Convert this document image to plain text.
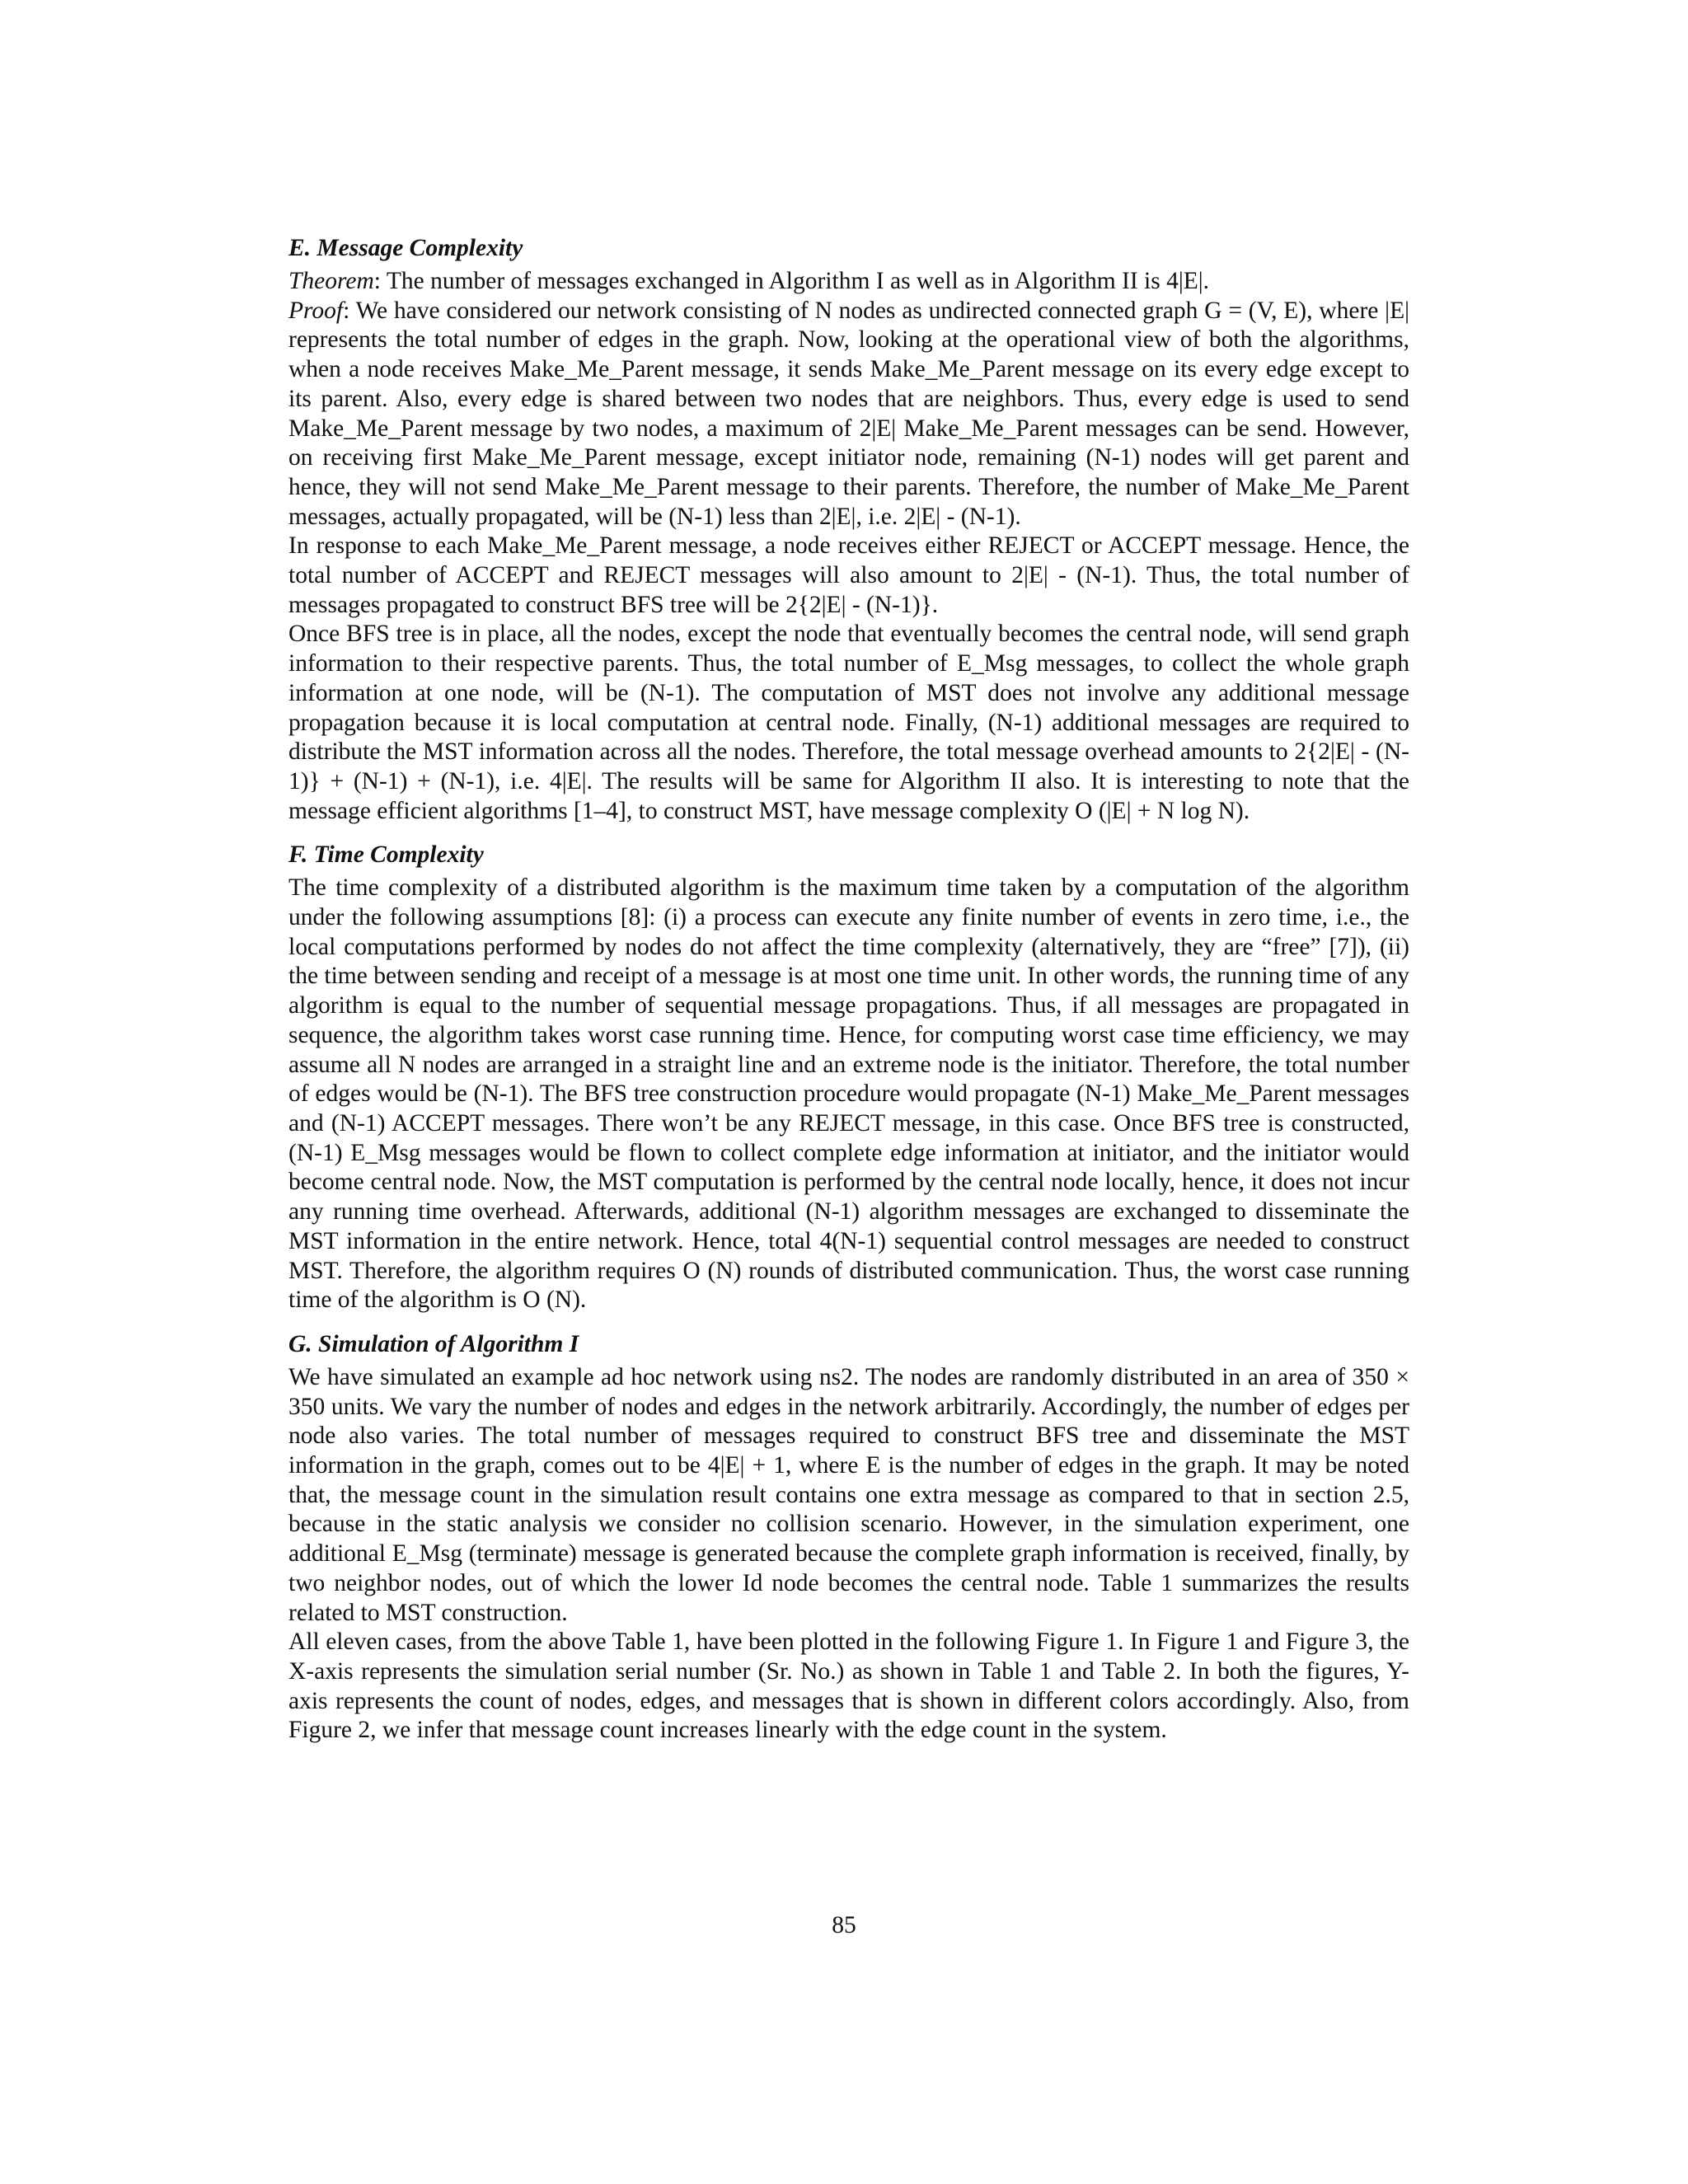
E. Message Complexity

Theorem: The number of messages exchanged in Algorithm I as well as in Algorithm II is 4|E|.

Proof: We have considered our network consisting of N nodes as undirected connected graph G = (V, E), where |E| represents the total number of edges in the graph. Now, looking at the operational view of both the algorithms, when a node receives Make_Me_Parent message, it sends Make_Me_Parent message on its every edge except to its parent. Also, every edge is shared between two nodes that are neighbors. Thus, every edge is used to send Make_Me_Parent message by two nodes, a maximum of 2|E| Make_Me_Parent messages can be send. However, on receiving first Make_Me_Parent message, except initiator node, remaining (N-1) nodes will get parent and hence, they will not send Make_Me_Parent message to their parents. Therefore, the number of Make_Me_Parent messages, actually propagated, will be (N-1) less than 2|E|, i.e. 2|E| - (N-1).

In response to each Make_Me_Parent message, a node receives either REJECT or ACCEPT message. Hence, the total number of ACCEPT and REJECT messages will also amount to 2|E| - (N-1). Thus, the total number of messages propagated to construct BFS tree will be 2{2|E| - (N-1)}.

Once BFS tree is in place, all the nodes, except the node that eventually becomes the central node, will send graph information to their respective parents. Thus, the total number of E_Msg messages, to collect the whole graph information at one node, will be (N-1). The computation of MST does not involve any additional message propagation because it is local computation at central node. Finally, (N-1) additional messages are required to distribute the MST information across all the nodes. Therefore, the total message overhead amounts to 2{2|E| - (N-1)} + (N-1) + (N-1), i.e. 4|E|. The results will be same for Algorithm II also. It is interesting to note that the message efficient algorithms [1–4], to construct MST, have message complexity O (|E| + N log N).

F. Time Complexity

The time complexity of a distributed algorithm is the maximum time taken by a computation of the algorithm under the following assumptions [8]: (i) a process can execute any finite number of events in zero time, i.e., the local computations performed by nodes do not affect the time complexity (alternatively, they are “free” [7]), (ii) the time between sending and receipt of a message is at most one time unit. In other words, the running time of any algorithm is equal to the number of sequential message propagations. Thus, if all messages are propagated in sequence, the algorithm takes worst case running time. Hence, for computing worst case time efficiency, we may assume all N nodes are arranged in a straight line and an extreme node is the initiator. Therefore, the total number of edges would be (N-1). The BFS tree construction procedure would propagate (N-1) Make_Me_Parent messages and (N-1) ACCEPT messages. There won’t be any REJECT message, in this case. Once BFS tree is constructed, (N-1) E_Msg messages would be flown to collect complete edge information at initiator, and the initiator would become central node. Now, the MST computation is performed by the central node locally, hence, it does not incur any running time overhead. Afterwards, additional (N-1) algorithm messages are exchanged to disseminate the MST information in the entire network. Hence, total 4(N-1) sequential control messages are needed to construct MST. Therefore, the algorithm requires O (N) rounds of distributed communication. Thus, the worst case running time of the algorithm is O (N).

G. Simulation of Algorithm I

We have simulated an example ad hoc network using ns2. The nodes are randomly distributed in an area of 350 × 350 units. We vary the number of nodes and edges in the network arbitrarily. Accordingly, the number of edges per node also varies. The total number of messages required to construct BFS tree and disseminate the MST information in the graph, comes out to be 4|E| + 1, where E is the number of edges in the graph. It may be noted that, the message count in the simulation result contains one extra message as compared to that in section 2.5, because in the static analysis we consider no collision scenario. However, in the simulation experiment, one additional E_Msg (terminate) message is generated because the complete graph information is received, finally, by two neighbor nodes, out of which the lower Id node becomes the central node. Table 1 summarizes the results related to MST construction.

All eleven cases, from the above Table 1, have been plotted in the following Figure 1. In Figure 1 and Figure 3, the X-axis represents the simulation serial number (Sr. No.) as shown in Table 1 and Table 2. In both the figures, Y-axis represents the count of nodes, edges, and messages that is shown in different colors accordingly. Also, from Figure 2, we infer that message count increases linearly with the edge count in the system.

85
